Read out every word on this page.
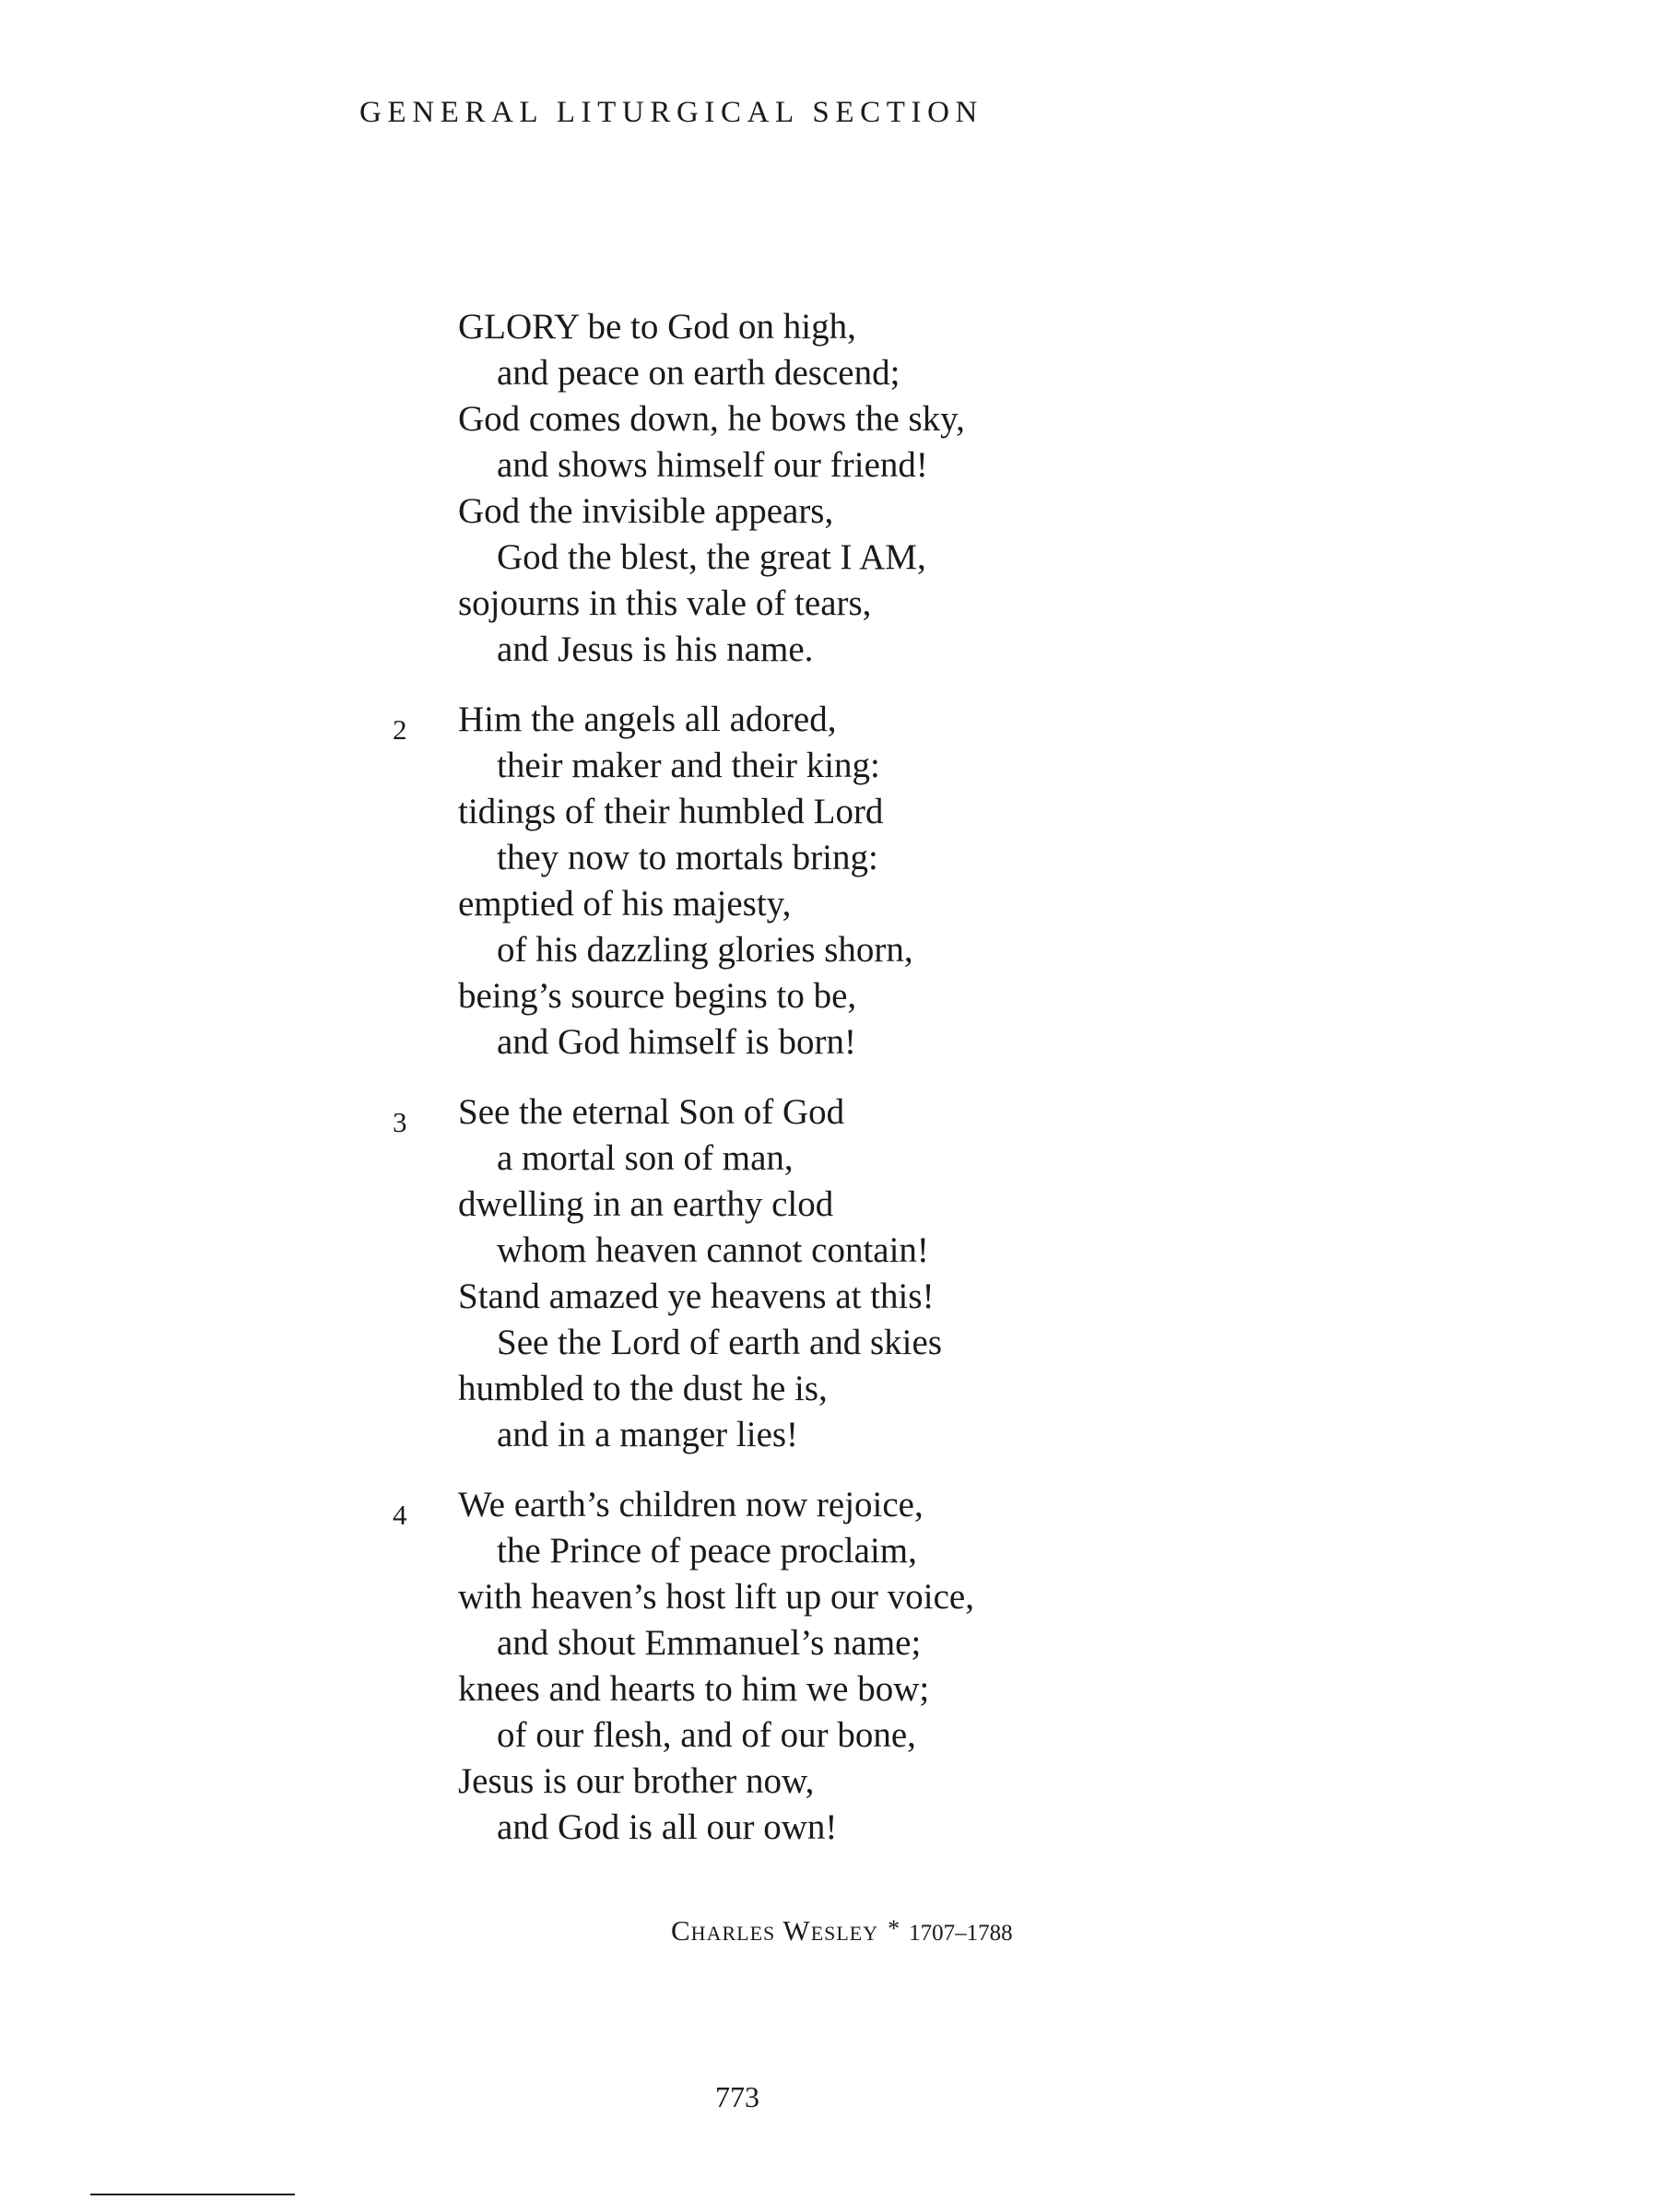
GENERAL LITURGICAL SECTION
GLORY be to God on high,
and peace on earth descend;
God comes down, he bows the sky,
and shows himself our friend!
God the invisible appears,
God the blest, the great I AM,
sojourns in this vale of tears,
and Jesus is his name.
2	Him the angels all adored,
their maker and their king:
tidings of their humbled Lord
they now to mortals bring:
emptied of his majesty,
of his dazzling glories shorn,
being’s source begins to be,
and God himself is born!
3	See the eternal Son of God
a mortal son of man,
dwelling in an earthy clod
whom heaven cannot contain!
Stand amazed ye heavens at this!
See the Lord of earth and skies
humbled to the dust he is,
and in a manger lies!
4	We earth’s children now rejoice,
the Prince of peace proclaim,
with heaven’s host lift up our voice,
and shout Emmanuel’s name;
knees and hearts to him we bow;
of our flesh, and of our bone,
Jesus is our brother now,
and God is all our own!
Charles Wesley * 1707–1788
773
